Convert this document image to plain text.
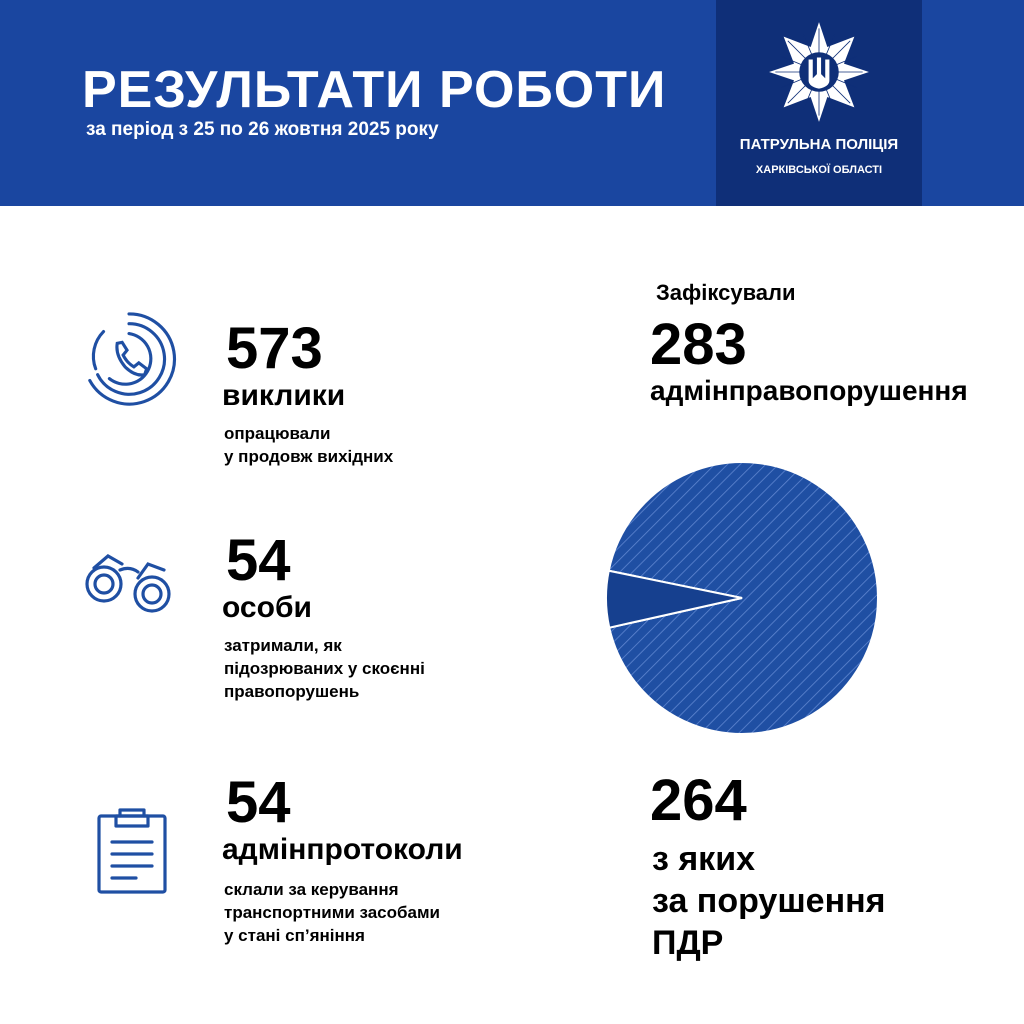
РЕЗУЛЬТАТИ РОБОТИ
за період з 25 по 26 жовтня 2025 року
ПАТРУЛЬНА ПОЛІЦІЯ
ХАРКІВСЬКОЇ ОБЛАСТІ
573
виклики
опрацювали
у продовж вихідних
54
особи
затримали, як
підозрюваних у скоєнні
правопорушень
54
адмінпротоколи
склали за керування
транспортними засобами
у стані сп’яніння
Зафіксували
283
адмінправопорушення
264
з яких
за порушення
ПДР
